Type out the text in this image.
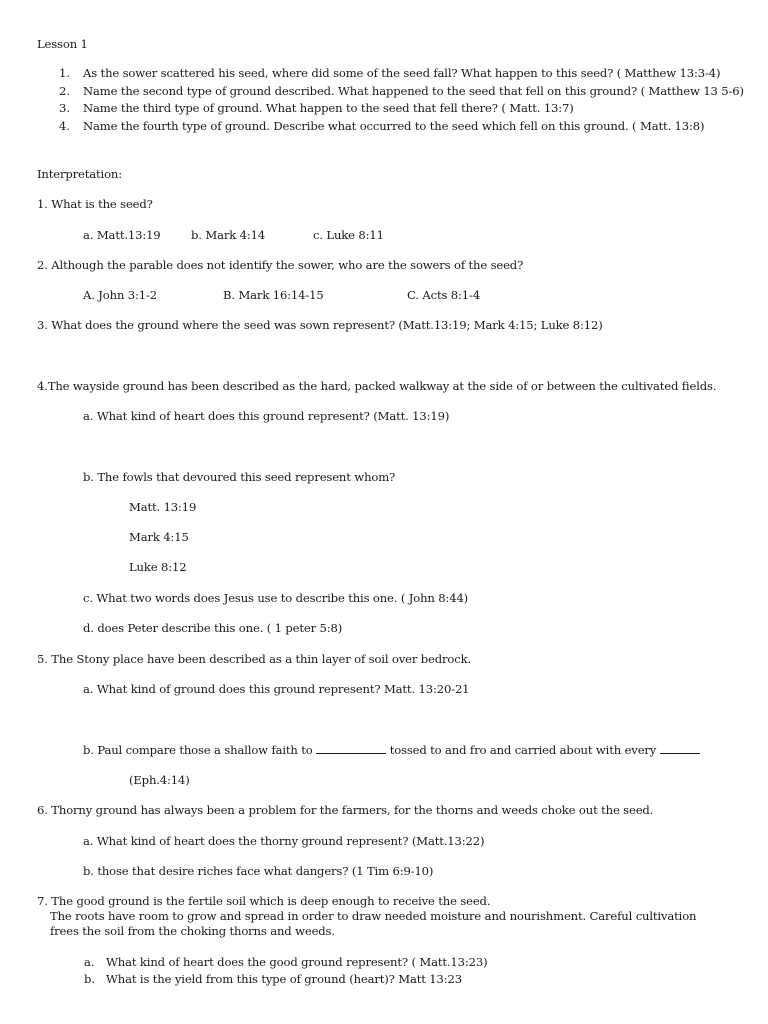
Lesson 1
1. As the sower scattered his seed, where did some of the seed fall? What happen to this seed? ( Matthew 13:3-4)
2. Name the second type of ground described. What happened to the seed that fell on this ground? ( Matthew 13 5-6)
3. Name the third type of ground. What happen to the seed that fell there? ( Matt. 13:7)
4. Name the fourth type of ground. Describe what occurred to the seed which fell on this ground. ( Matt. 13:8)
Interpretation:
1. What is the seed?
a. Matt.13:19	b. Mark 4:14	c. Luke 8:11
2. Although the parable does not identify the sower, who are the sowers of the seed?
A. John 3:1-2	B. Mark 16:14-15	C. Acts 8:1-4
3. What does the ground where the seed was sown represent? (Matt.13:19; Mark 4:15; Luke 8:12)
4.The wayside ground has been described as the hard, packed walkway at the side of or between the cultivated fields.
a. What kind of heart does this ground represent? (Matt. 13:19)
b. The fowls that devoured this seed represent whom?
Matt. 13:19
Mark 4:15
Luke 8:12
c. What two words does Jesus use to describe this one. ( John 8:44)
d. does Peter describe this one. ( 1 peter 5:8)
5. The Stony place have been described as a thin layer of soil over bedrock.
a. What kind of ground does this ground represent? Matt. 13:20-21
b. Paul compare those a shallow faith to	tossed to and fro and carried about with every
(Eph.4:14)
6. Thorny ground has always been a problem for the farmers, for the thorns and weeds choke out the seed.
a. What kind of heart does the thorny ground represent? (Matt.13:22)
b. those that desire riches face what dangers? (1 Tim 6:9-10)
7. The good ground is the fertile soil which is deep enough to receive the seed.
The roots have room to grow and spread in order to draw needed moisture and nourishment. Careful cultivation
frees the soil from the choking thorns and weeds.
a. What kind of heart does the good ground represent? ( Matt.13:23)
b. What is the yield from this type of ground (heart)? Matt 13:23
